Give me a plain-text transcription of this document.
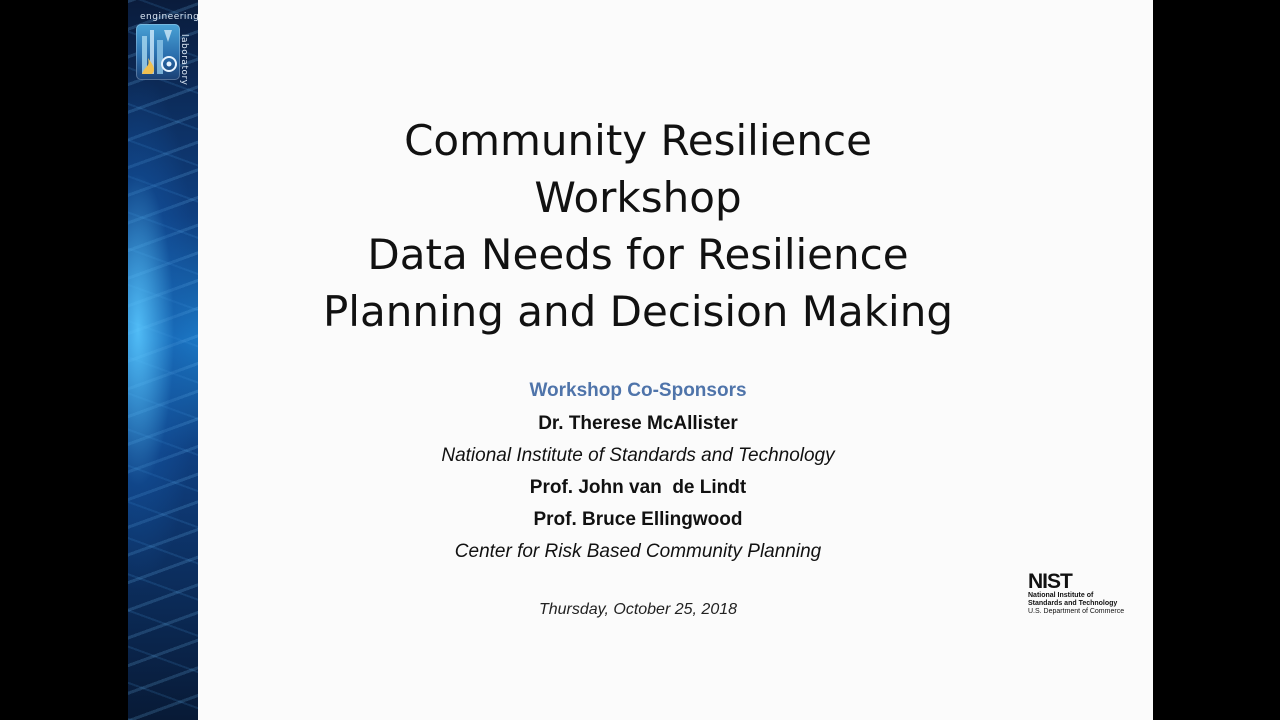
engineering
laboratory
Community Resilience
Workshop
Data Needs for Resilience
Planning and Decision Making
Workshop Co-Sponsors
Dr. Therese McAllister
National Institute of Standards and Technology
Prof. John van  de Lindt
Prof. Bruce Ellingwood
Center for Risk Based Community Planning
Thursday, October 25, 2018
NIST
National Institute of
Standards and Technology
U.S. Department of Commerce
